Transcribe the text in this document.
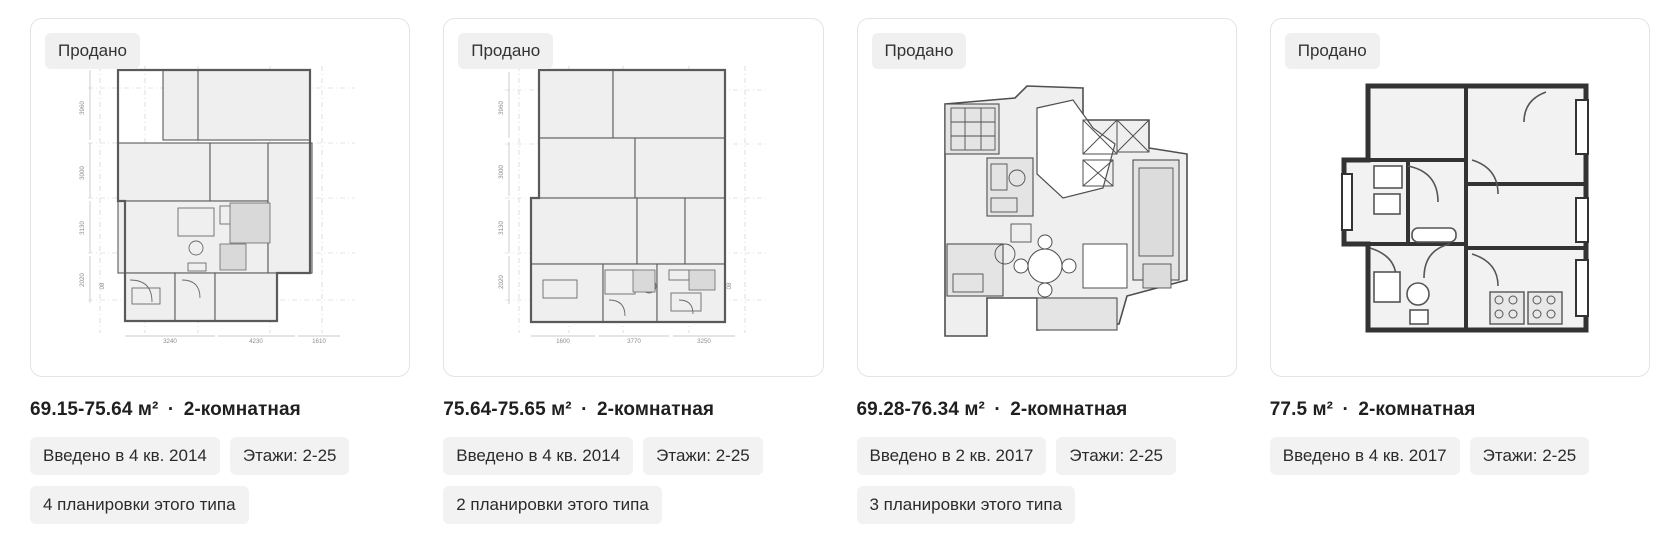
Продано
3960
3000
3130
2020 08
3240	4230	1610
69.15-75.64 м² · 2-комнатная
Введено в 4 кв. 2014	Этажи: 2-25
4 планировки этого типа
Продано
3960
3000
3130
2020	08
1600	3770	3250
75.64-75.65 м² · 2-комнатная
Введено в 4 кв. 2014	Этажи: 2-25
2 планировки этого типа
Продано
69.28-76.34 м² · 2-комнатная
Введено в 2 кв. 2017	Этажи: 2-25
3 планировки этого типа
Продано
77.5 м² · 2-комнатная
Введено в 4 кв. 2017	Этажи: 2-25
